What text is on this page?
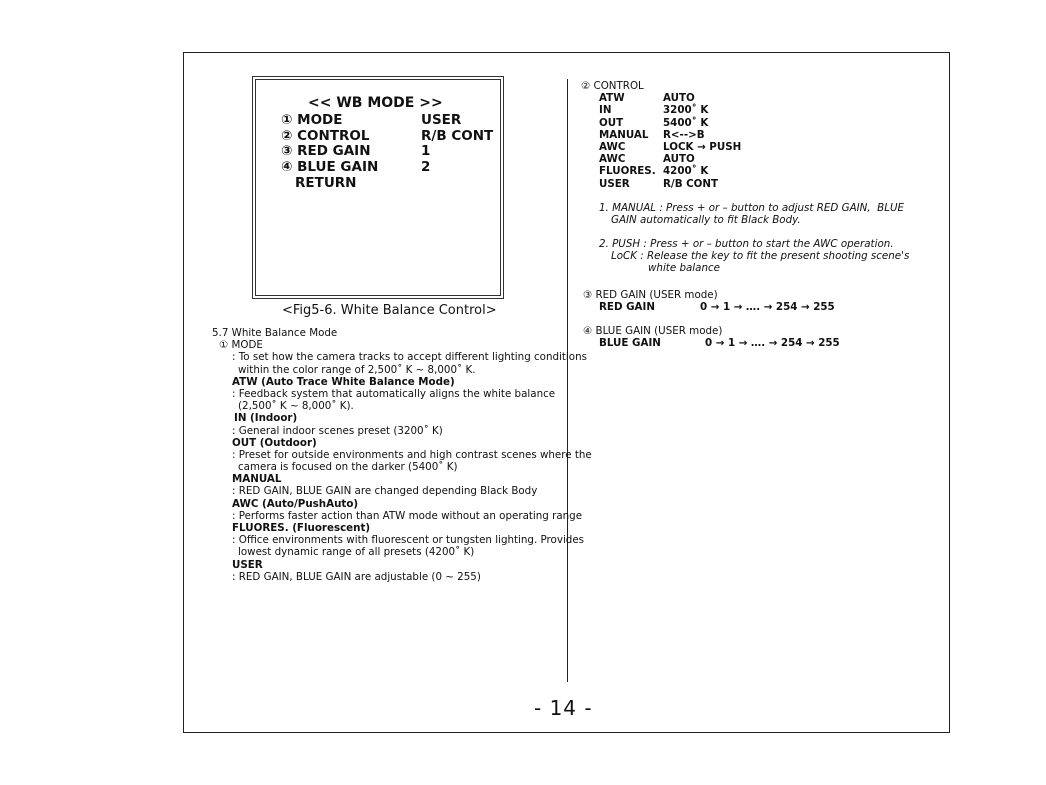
<< WB MODE >>
① MODE	USER
② CONTROL	R/B CONT
③ RED GAIN	1
④ BLUE GAIN	2
RETURN
<Fig5-6. White Balance Control>
5.7 White Balance Mode
① MODE
: To set how the camera tracks to accept different lighting conditions
within the color range of 2,500˚ K ~ 8,000˚ K.
ATW (Auto Trace White Balance Mode)
: Feedback system that automatically aligns the white balance
(2,500˚ K ~ 8,000˚ K).
IN (Indoor)
: General indoor scenes preset (3200˚ K)
OUT (Outdoor)
: Preset for outside environments and high contrast scenes where the
camera is focused on the darker (5400˚ K)
MANUAL
: RED GAIN, BLUE GAIN are changed depending Black Body
AWC (Auto/PushAuto)
: Performs faster action than ATW mode without an operating range
FLUORES. (Fluorescent)
: Office environments with fluorescent or tungsten lighting. Provides
lowest dynamic range of all presets (4200˚ K)
USER
: RED GAIN, BLUE GAIN are adjustable (0 ~ 255)
② CONTROL
ATW	AUTO
IN	3200˚ K
OUT	5400˚ K
MANUAL R<-->B
AWC	LOCK → PUSH
AWC	AUTO
FLUORES. 4200˚ K
USER	R/B CONT
1. MANUAL : Press + or – button to adjust RED GAIN,  BLUE
GAIN automatically to fit Black Body.
2. PUSH : Press + or – button to start the AWC operation.
LoCK : Release the key to fit the present shooting scene's
white balance
③ RED GAIN (USER mode)
RED GAIN	0 → 1 → …. → 254 → 255
④ BLUE GAIN (USER mode)
BLUE GAIN	0 → 1 → …. → 254 → 255
- 14 -
